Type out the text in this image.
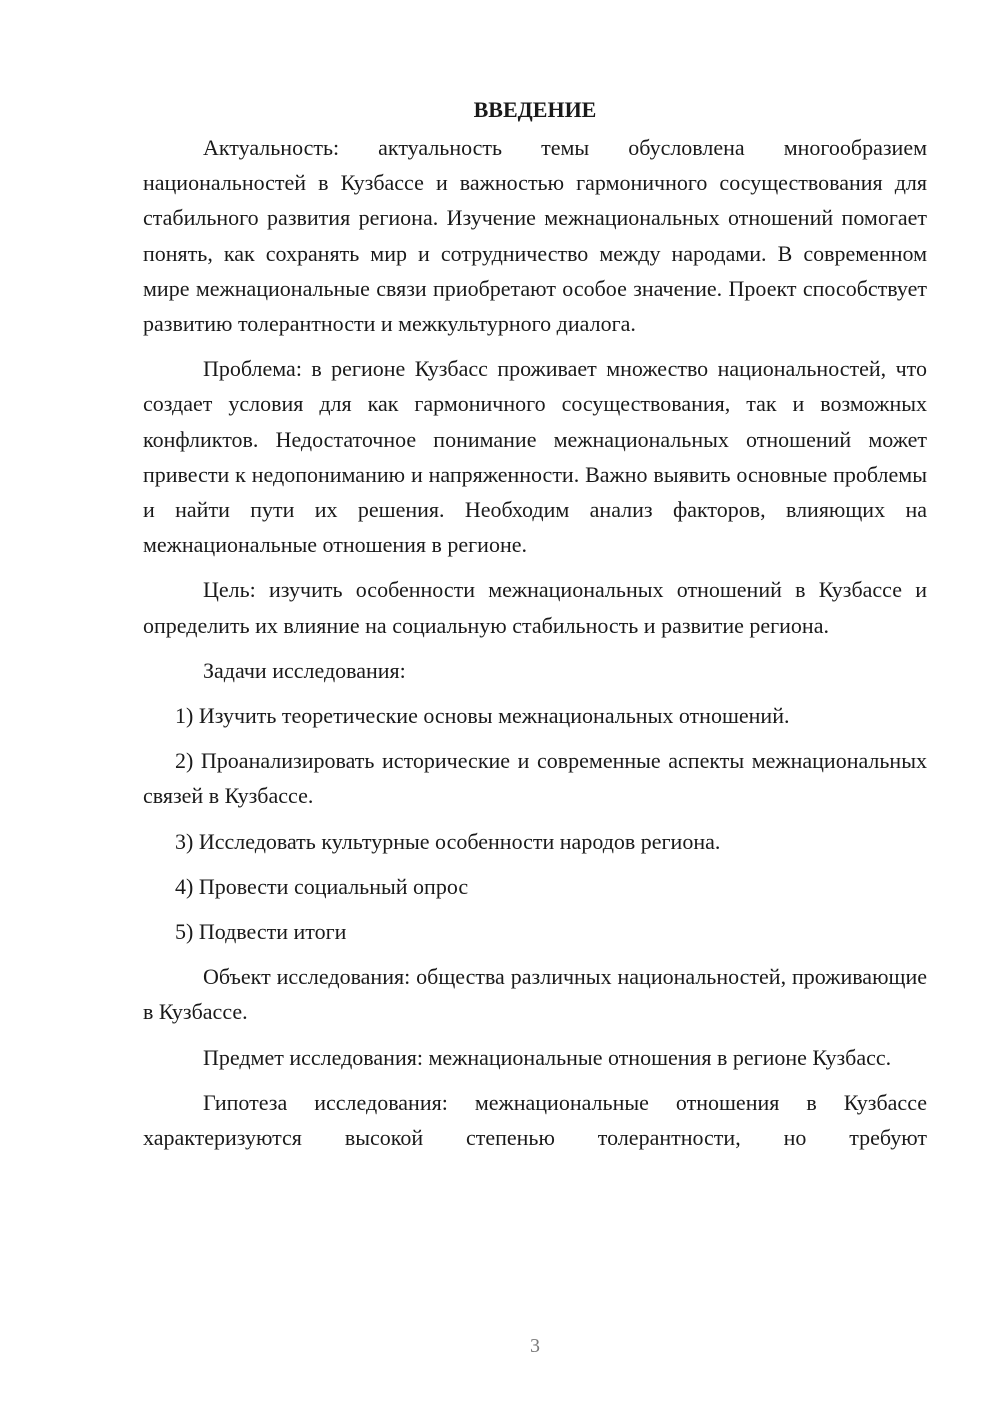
ВВЕДЕНИЕ

Актуальность: актуальность темы обусловлена многообразием национальностей в Кузбассе и важностью гармоничного сосуществования для стабильного развития региона. Изучение межнациональных отношений помогает понять, как сохранять мир и сотрудничество между народами. В современном мире межнациональные связи приобретают особое значение. Проект способствует развитию толерантности и межкультурного диалога.

Проблема: в регионе Кузбасс проживает множество национальностей, что создает условия для как гармоничного сосуществования, так и возможных конфликтов. Недостаточное понимание межнациональных отношений может привести к недопониманию и напряженности. Важно выявить основные проблемы и найти пути их решения. Необходим анализ факторов, влияющих на межнациональные отношения в регионе.

Цель: изучить особенности межнациональных отношений в Кузбассе и определить их влияние на социальную стабильность и развитие региона.

Задачи исследования:

1) Изучить теоретические основы межнациональных отношений.

2) Проанализировать исторические и современные аспекты межнациональных связей в Кузбассе.

3) Исследовать культурные особенности народов региона.

4) Провести социальный опрос

5) Подвести итоги

Объект исследования: общества различных национальностей, проживающие в Кузбассе.

Предмет исследования: межнациональные отношения в регионе Кузбасс.

Гипотеза исследования: межнациональные отношения в Кузбассе характеризуются высокой степенью толерантности, но требуют

3
